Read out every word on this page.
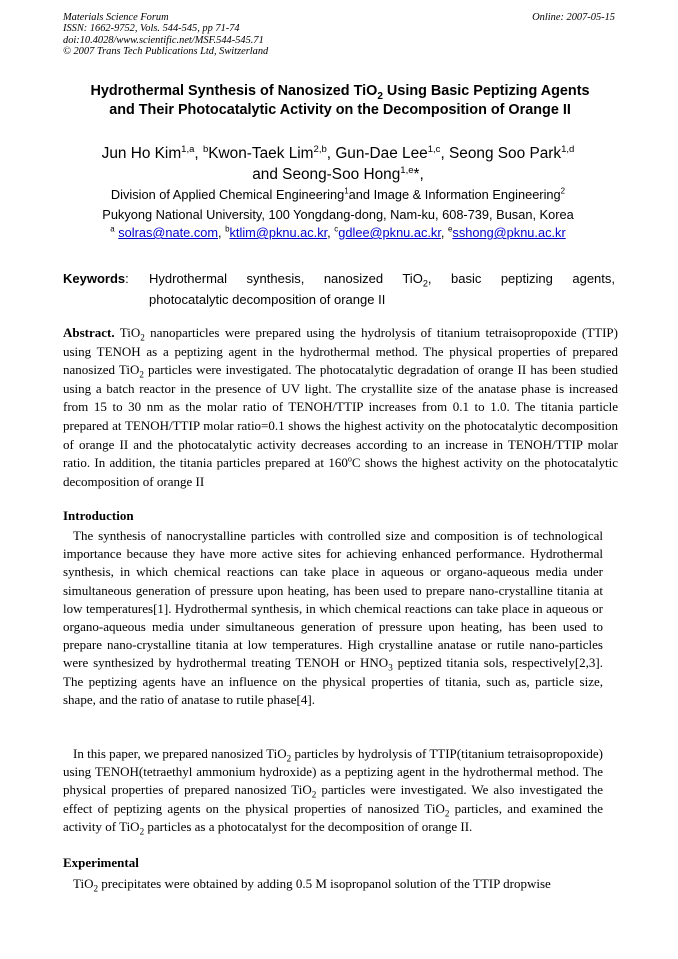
Materials Science Forum
ISSN: 1662-9752, Vols. 544-545, pp 71-74
doi:10.4028/www.scientific.net/MSF.544-545.71
© 2007 Trans Tech Publications Ltd, Switzerland
Online: 2007-05-15
Hydrothermal Synthesis of Nanosized TiO$_2$ Using Basic Peptizing Agents
and Their Photocatalytic Activity on the Decomposition of Orange II
Jun Ho Kim$^{1,a}$, $^b$Kwon-Taek Lim$^{2,b}$, Gun-Dae Lee$^{1,c}$, Seong Soo Park$^{1,d}$
and Seong-Soo Hong$^{1,e}$*,
Division of Applied Chemical Engineering$^1$and Image & Information Engineering$^2$
Pukyong National University, 100 Yongdang-dong, Nam-ku, 608-739, Busan, Korea
$^a$ solras@nate.com, $^b$ktlim@pknu.ac.kr, $^c$gdlee@pknu.ac.kr, $^e$sshong@pknu.ac.kr
Keywords: Hydrothermal synthesis, nanosized TiO$_2$, basic peptizing agents,
photocatalytic decomposition of orange II
Abstract. TiO$_2$ nanoparticles were prepared using the hydrolysis of titanium tetraisopropoxide (TTIP) using TENOH as a peptizing agent in the hydrothermal method. The physical properties of prepared nanosized TiO$_2$ particles were investigated. The photocatalytic degradation of orange II has been studied using a batch reactor in the presence of UV light. The crystallite size of the anatase phase is increased from 15 to 30 nm as the molar ratio of TENOH/TTIP increases from 0.1 to 1.0. The titania particle prepared at TENOH/TTIP molar ratio=0.1 shows the highest activity on the photocatalytic decomposition of orange II and the photocatalytic activity decreases according to an increase in TENOH/TTIP molar ratio. In addition, the titania particles prepared at 160$^o$C shows the highest activity on the photocatalytic decomposition of orange II
Introduction
The synthesis of nanocrystalline particles with controlled size and composition is of technological importance because they have more active sites for achieving enhanced performance. Hydrothermal synthesis, in which chemical reactions can take place in aqueous or organo-aqueous media under simultaneous generation of pressure upon heating, has been used to prepare nano-crystalline titania at low temperatures[1]. Hydrothermal synthesis, in which chemical reactions can take place in aqueous or organo-aqueous media under simultaneous generation of pressure upon heating, has been used to prepare nano-crystalline titania at low temperatures. High crystalline anatase or rutile nano-particles were synthesized by hydrothermal treating TENOH or $HNO_3$ peptized titania sols, respectively[2,3]. The peptizing agents have an influence on the physical properties of titania, such as, particle size, shape, and the ratio of anatase to rutile phase[4].
In this paper, we prepared nanosized TiO$_2$ particles by hydrolysis of TTIP(titanium tetraisopropoxide) using TENOH(tetraethyl ammonium hydroxide) as a peptizing agent in the hydrothermal method. The physical properties of prepared nanosized TiO$_2$ particles were investigated. We also investigated the effect of peptizing agents on the physical properties of nanosized TiO$_2$ particles, and examined the activity of TiO$_2$ particles as a photocatalyst for the decomposition of orange II.
Experimental
TiO$_2$ precipitates were obtained by adding 0.5 M isopropanol solution of the TTIP dropwise
